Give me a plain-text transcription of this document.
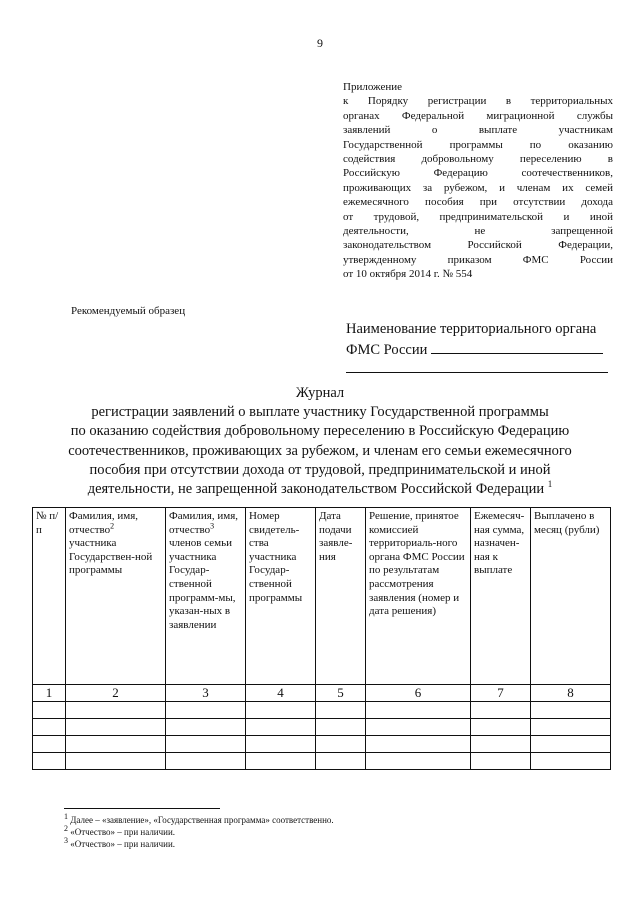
9
Приложение
к Порядку регистрации в территориальных
органах Федеральной миграционной службы
заявлений о выплате участникам
Государственной программы по оказанию
содействия добровольному переселению в
Российскую Федерацию соотечественников,
проживающих за рубежом, и членам их семей
ежемесячного пособия при отсутствии дохода
от трудовой, предпринимательской и иной
деятельности, не запрещенной
законодательством Российской Федерации,
утвержденному приказом ФМС России
от 10 октября 2014 г. № 554
Рекомендуемый образец
Наименование территориального органа
ФМС России
Журнал
регистрации заявлений о выплате участнику Государственной программы
по оказанию содействия добровольному переселению в Российскую Федерацию
соотечественников, проживающих за рубежом, и членам его семьи ежемесячного
пособия при отсутствии дохода от трудовой, предпринимательской и иной
деятельности, не запрещенной законодательством Российской Федерации $^1$
№ п/п	Фамилия, имя, отчество$^2$ участника Государствен-ной программы	Фамилия, имя, отчество$^3$ членов семьи участника Государ-ственной программ-мы, указан-ных в заявлении	Номер свидетель-ства участника Государ-ственной программы	Дата подачи заявле-ния	Решение, принятое комиссией территориаль-ного органа ФМС России по результатам рассмотрения заявления (номер и дата решения)	Ежемесяч-ная сумма, назначен-ная к выплате	Выплачено в месяц (рубли)
1	2	3	4	5	6	7	8

$^1$ Далее – «заявление», «Государственная программа» соответственно.
$^2$ «Отчество» – при наличии.
$^3$ «Отчество» – при наличии.
